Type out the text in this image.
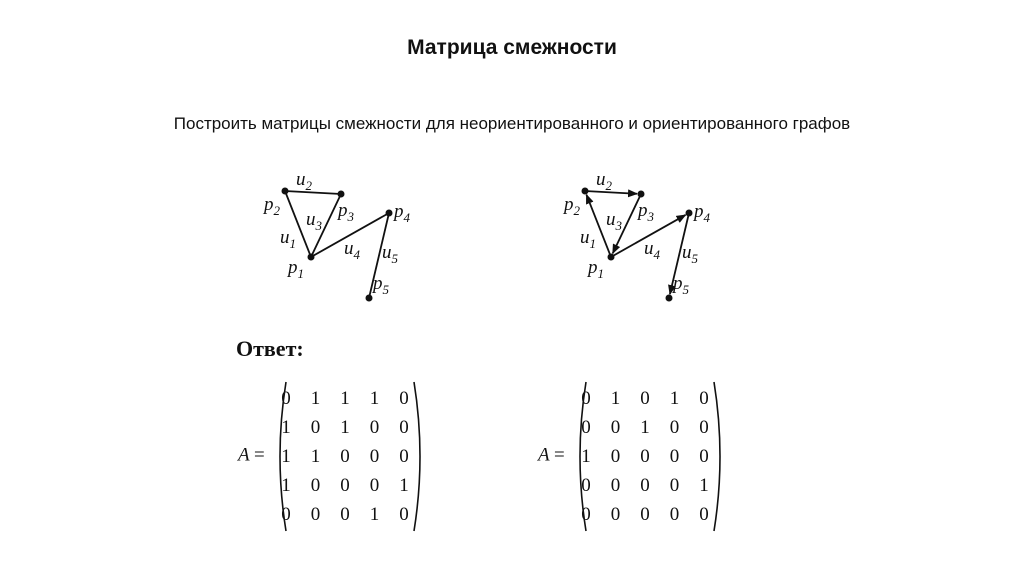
Матрица смежности
Построить матрицы смежности для неориентированного и ориентированного графов
$u_1$
$u_2$
$u_3$
$u_4$ $u_5$
$p_1$
$p_2$	$p_3$ $p_4$
$p_5$
$u_1$
$u_2$
$u_3$
$u_4$ $u_5$
$p_1$
$p_2$	$p_3$ $p_4$
$p_5$
Ответ:
A =
0 1 1 1 0
1 0 1 0 0
1 1 0 0 0
1 0 0 0 1
0 0 0 1 0
A =
0 1 0 1 0
0 0 1 0 0
1 0 0 0 0
0 0 0 0 1
0 0 0 0 0
